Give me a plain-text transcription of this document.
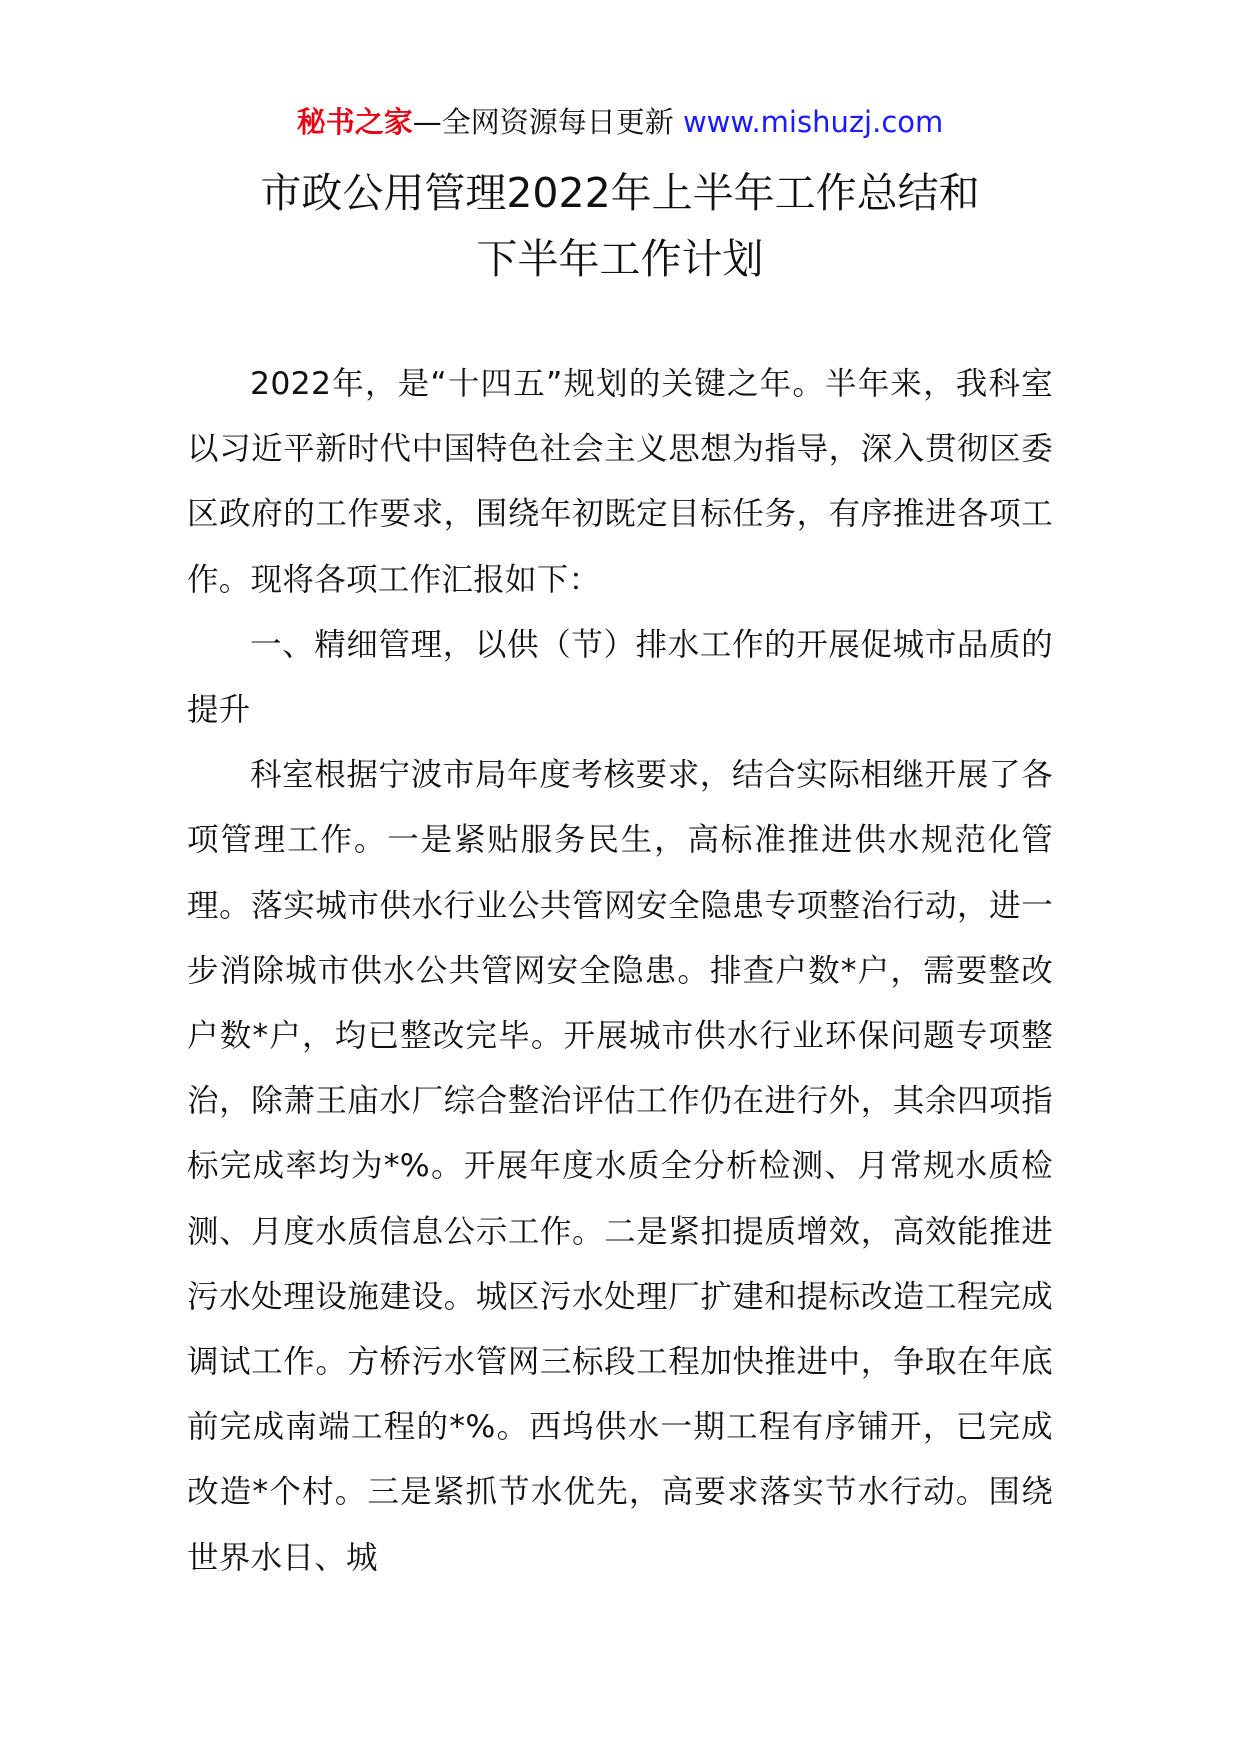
秘书之家—全网资源每日更新 www.mishuzj.com
市政公用管理2022年上半年工作总结和
下半年工作计划

2022年，是“十四五”规划的关键之年。半年来，我科室以习近平新时代中国特色社会主义思想为指导，深入贯彻区委区政府的工作要求，围绕年初既定目标任务，有序推进各项工作。现将各项工作汇报如下：

一、精细管理，以供（节）排水工作的开展促城市品质的提升

科室根据宁波市局年度考核要求，结合实际相继开展了各项管理工作。一是紧贴服务民生，高标准推进供水规范化管理。落实城市供水行业公共管网安全隐患专项整治行动，进一步消除城市供水公共管网安全隐患。排查户数*户，需要整改户数*户，均已整改完毕。开展城市供水行业环保问题专项整治，除萧王庙水厂综合整治评估工作仍在进行外，其余四项指标完成率均为*%。开展年度水质全分析检测、月常规水质检测、月度水质信息公示工作。二是紧扣提质增效，高效能推进污水处理设施建设。城区污水处理厂扩建和提标改造工程完成调试工作。方桥污水管网三标段工程加快推进中，争取在年底前完成南端工程的*%。西坞供水一期工程有序铺开，已完成改造*个村。三是紧抓节水优先，高要求落实节水行动。围绕世界水日、城
